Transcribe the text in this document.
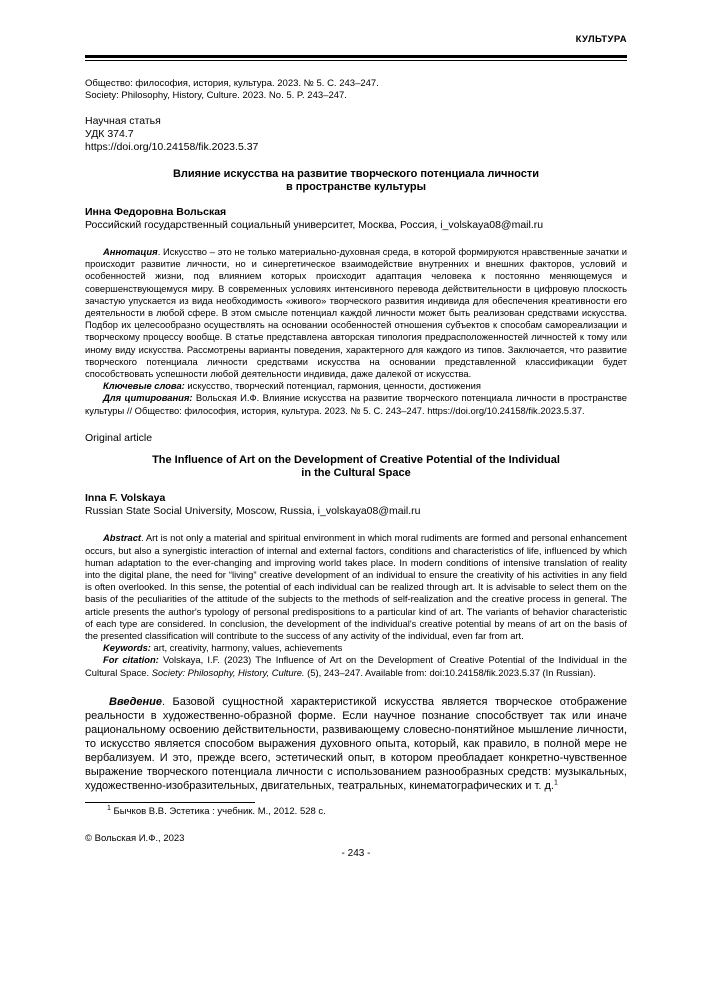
КУЛЬТУРА
Общество: философия, история, культура. 2023. № 5. С. 243–247.
Society: Philosophy, History, Culture. 2023. No. 5. P. 243–247.
Научная статья
УДК 374.7
https://doi.org/10.24158/fik.2023.5.37
Влияние искусства на развитие творческого потенциала личности
в пространстве культуры
Инна Федоровна Вольская
Российский государственный социальный университет, Москва, Россия, i_volskaya08@mail.ru

Аннотация. Искусство – это не только материально-духовная среда, в которой формируются нравственные зачатки и происходит развитие личности, но и синергетическое взаимодействие внутренних и внешних факторов, условий и особенностей жизни, под влиянием которых происходит адаптация человека к постоянно меняющемуся и совершенствующемуся миру. В современных условиях интенсивного перевода действительности в цифровую плоскость зачастую упускается из вида необходимость «живого» творческого развития индивида для обеспечения креативности его деятельности в любой сфере. В этом смысле потенциал каждой личности может быть реализован средствами искусства. Подбор их целесообразно осуществлять на основании особенностей отношения субъектов к способам самореализации и творческому процессу вообще. В статье представлена авторская типология предрасположенностей личностей к тому или иному виду искусства. Рассмотрены варианты поведения, характерного для каждого из типов. Заключается, что развитие творческого потенциала личности средствами искусства на основании представленной классификации будет способствовать успешности любой деятельности индивида, даже далекой от искусства.

Ключевые слова: искусство, творческий потенциал, гармония, ценности, достижения

Для цитирования: Вольская И.Ф. Влияние искусства на развитие творческого потенциала личности в пространстве культуры // Общество: философия, история, культура. 2023. № 5. С. 243–247. https://doi.org/10.24158/fik.2023.5.37.

Original article
The Influence of Art on the Development of Creative Potential of the Individual
in the Cultural Space
Inna F. Volskaya
Russian State Social University, Moscow, Russia, i_volskaya08@mail.ru

Abstract. Art is not only a material and spiritual environment in which moral rudiments are formed and personal enhancement occurs, but also a synergistic interaction of internal and external factors, conditions and characteristics of life, influenced by which human adaptation to the ever-changing and improving world takes place. In modern conditions of intensive translation of reality into the digital plane, the need for “living” creative development of an individual to ensure the creativity of his activities in any field is often overlooked. In this sense, the potential of each individual can be realized through art. It is advisable to select them on the basis of the peculiarities of the attitude of the subjects to the methods of self-realization and the creative process in general. The article presents the author's typology of personal predispositions to a particular kind of art. The variants of behavior characteristic of each type are considered. In conclusion, the development of the individual's creative potential by means of art on the basis of the presented classification will contribute to the success of any activity of the individual, even far from art.

Keywords: art, creativity, harmony, values, achievements

For citation: Volskaya, I.F. (2023) The Influence of Art on the Development of Creative Potential of the Individual in the Cultural Space. Society: Philosophy, History, Culture. (5), 243–247. Available from: doi:10.24158/fik.2023.5.37 (In Russian).

Введение. Базовой сущностной характеристикой искусства является творческое отображение реальности в художественно-образной форме. Если научное познание способствует так или иначе рациональному освоению действительности, развивающему словесно-понятийное мышление личности, то искусство является способом выражения духовного опыта, который, как правило, в полной мере не вербализуем. И это, прежде всего, эстетический опыт, в котором преобладает конкретно-чувственное выражение творческого потенциала личности с использованием разнообразных средств: музыкальных, художественно-изобразительных, двигательных, театральных, кинематографических и т. д.$^1$

$^1$ Бычков В.В. Эстетика : учебник. М., 2012. 528 с.

© Вольская И.Ф., 2023
- 243 -
